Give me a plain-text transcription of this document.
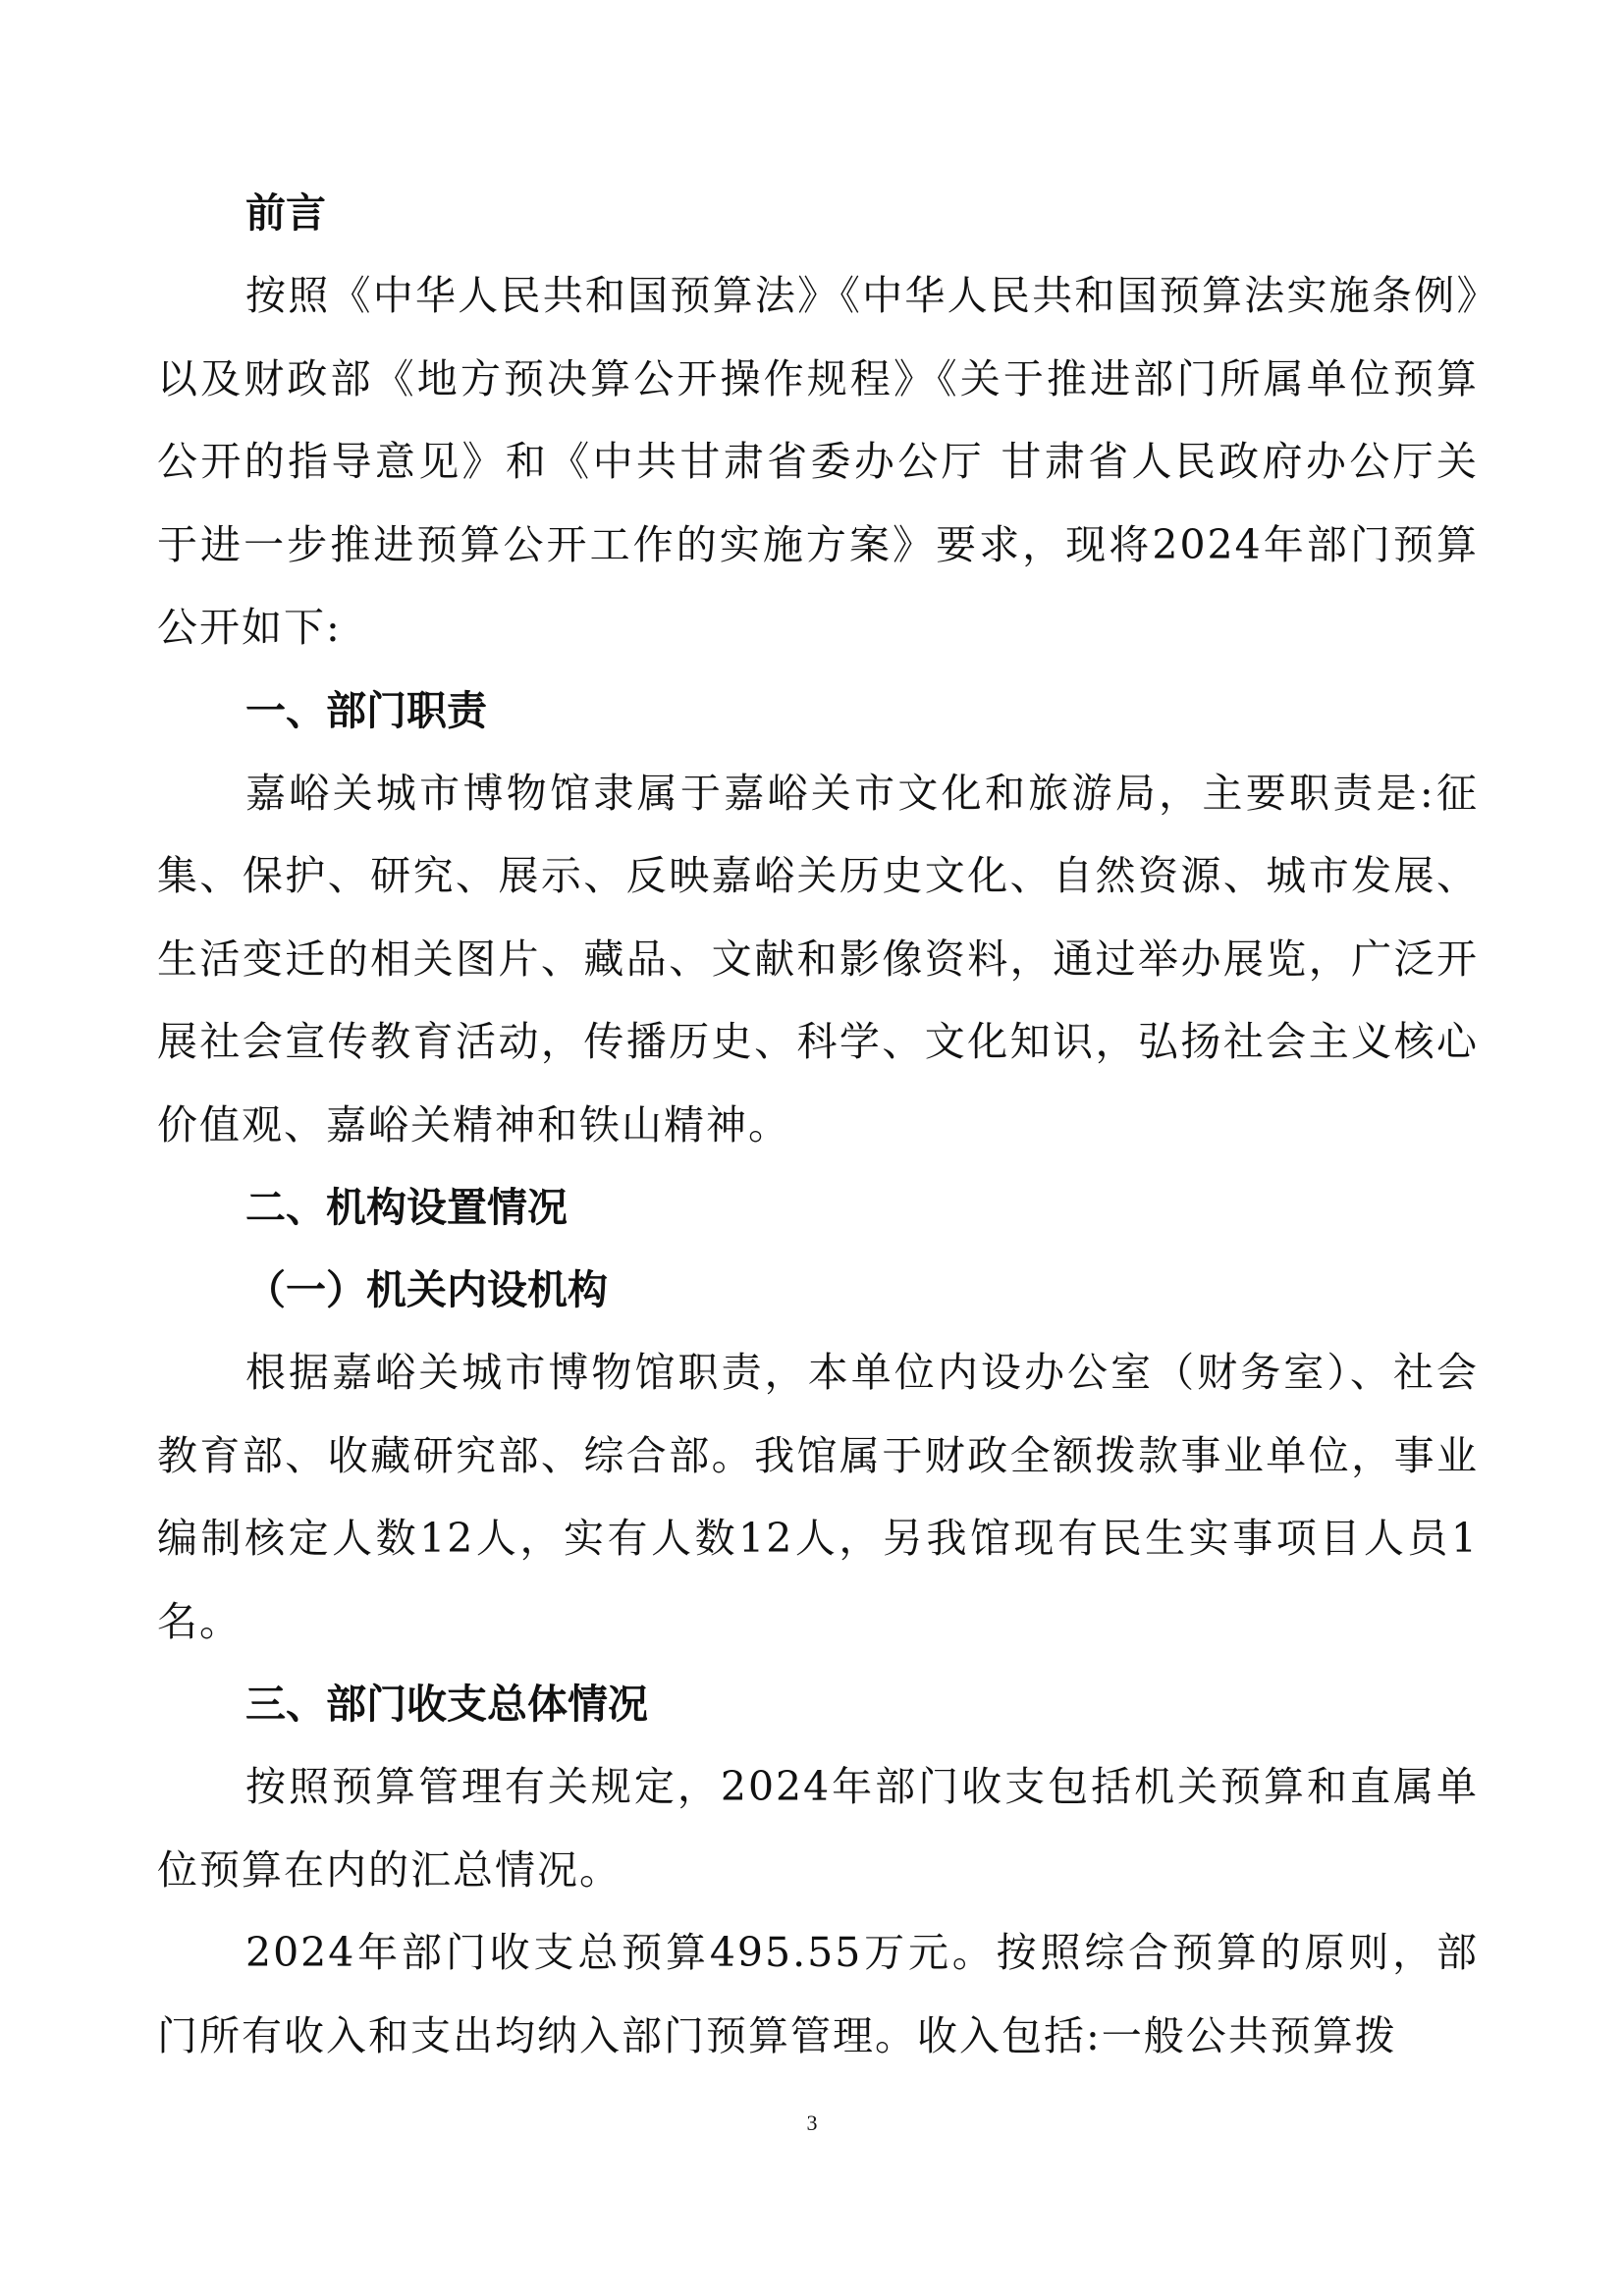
前言

按照《中华人民共和国预算法》《中华人民共和国预算法实施条例》以及财政部《地方预决算公开操作规程》《关于推进部门所属单位预算公开的指导意见》和《中共甘肃省委办公厅 甘肃省人民政府办公厅关于进一步推进预算公开工作的实施方案》要求，现将2024年部门预算公开如下:

一、部门职责

嘉峪关城市博物馆隶属于嘉峪关市文化和旅游局，主要职责是:征集、保护、研究、展示、反映嘉峪关历史文化、自然资源、城市发展、生活变迁的相关图片、藏品、文献和影像资料，通过举办展览，广泛开展社会宣传教育活动，传播历史、科学、文化知识，弘扬社会主义核心价值观、嘉峪关精神和铁山精神。

二、机构设置情况
（一）机关内设机构

根据嘉峪关城市博物馆职责，本单位内设办公室（财务室）、社会教育部、收藏研究部、综合部。我馆属于财政全额拨款事业单位，事业编制核定人数12人，实有人数12人，另我馆现有民生实事项目人员1名。

三、部门收支总体情况

按照预算管理有关规定，2024年部门收支包括机关预算和直属单位预算在内的汇总情况。

2024年部门收支总预算495.55万元。按照综合预算的原则，部门所有收入和支出均纳入部门预算管理。收入包括:一般公共预算拨

3
